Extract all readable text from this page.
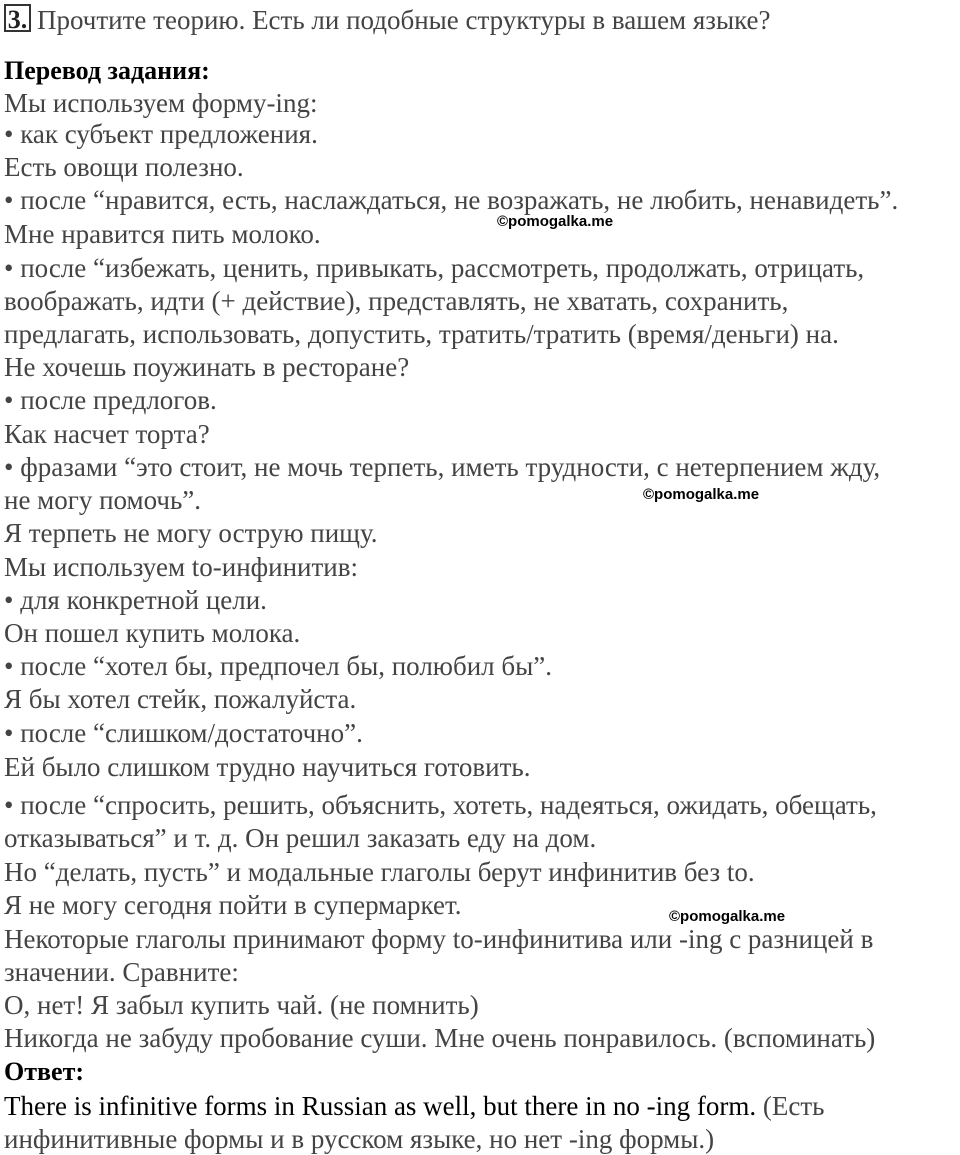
3. Прочтите теорию. Есть ли подобные структуры в вашем языке?
Перевод задания:
Мы используем форму-ing:
• как субъект предложения.
Есть овощи полезно.
• после “нравится, есть, наслаждаться, не возражать, не любить, ненавидеть”.
Мне нравится пить молоко.
• после “избежать, ценить, привыкать, рассмотреть, продолжать, отрицать,
воображать, идти (+ действие), представлять, не хватать, сохранить,
предлагать, использовать, допустить, тратить/тратить (время/деньги) на.
Не хочешь поужинать в ресторане?
• после предлогов.
Как насчет торта?
• фразами “это стоит, не мочь терпеть, иметь трудности, с нетерпением жду,
не могу помочь”.
Я терпеть не могу острую пищу.
Мы используем to-инфинитив:
• для конкретной цели.
Он пошел купить молока.
• после “хотел бы, предпочел бы, полюбил бы”.
Я бы хотел стейк, пожалуйста.
• после “слишком/достаточно”.
Ей было слишком трудно научиться готовить.
• после “спросить, решить, объяснить, хотеть, надеяться, ожидать, обещать,
отказываться” и т. д. Он решил заказать еду на дом.
Но “делать, пусть” и модальные глаголы берут инфинитив без to.
Я не могу сегодня пойти в супермаркет.
Некоторые глаголы принимают форму to-инфинитива или -ing с разницей в
значении. Сравните:
О, нет! Я забыл купить чай. (не помнить)
Никогда не забуду пробование суши. Мне очень понравилось. (вспоминать)
Ответ:
There is infinitive forms in Russian as well, but there in no -ing form. (Есть
инфинитивные формы и в русском языке, но нет -ing формы.)
©pomogalka.me
©pomogalka.me
©pomogalka.me
